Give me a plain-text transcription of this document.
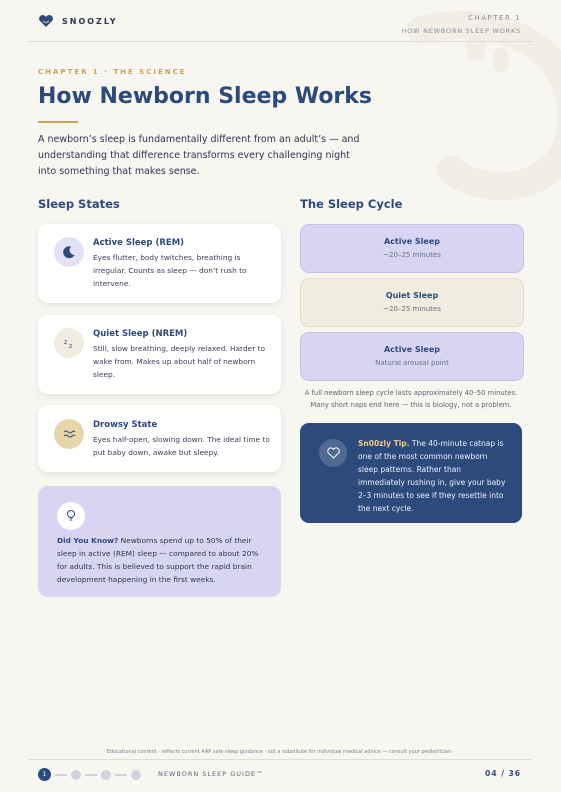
SNOOZLY	CHAPTER 1
HOW NEWBORN SLEEP WORKS
CHAPTER 1 · THE SCIENCE
How Newborn Sleep Works

A newborn’s sleep is fundamentally different from an adult’s — and understanding that difference transforms every challenging night into something that makes sense.

Sleep States
Active Sleep (REM)
Eyes flutter, body twitches, breathing is irregular. Counts as sleep — don’t rush to intervene.
z
z
Quiet Sleep (NREM)
Still, slow breathing, deeply relaxed. Harder to wake from. Makes up about half of newborn sleep.
Drowsy State
Eyes half-open, slowing down. The ideal time to put baby down, awake but sleepy.
Did You Know? Newborns spend up to 50% of their sleep in active (REM) sleep — compared to about 20% for adults. This is believed to support the rapid brain development happening in the first weeks.
The Sleep Cycle
Active Sleep
~20–25 minutes
Quiet Sleep
~20–25 minutes
Active Sleep
Natural arousal point
A full newborn sleep cycle lasts approximately 40–50 minutes. Many short naps end here — this is biology, not a problem.
Sn00zly Tip. The 40-minute catnap is one of the most common newborn sleep patterns. Rather than immediately rushing in, give your baby 2–3 minutes to see if they resettle into the next cycle.
Educational content · reflects current AAP safe sleep guidance · not a substitute for individual medical advice — consult your pediatrician ·
1	NEWBORN SLEEP GUIDE™	04 / 36
